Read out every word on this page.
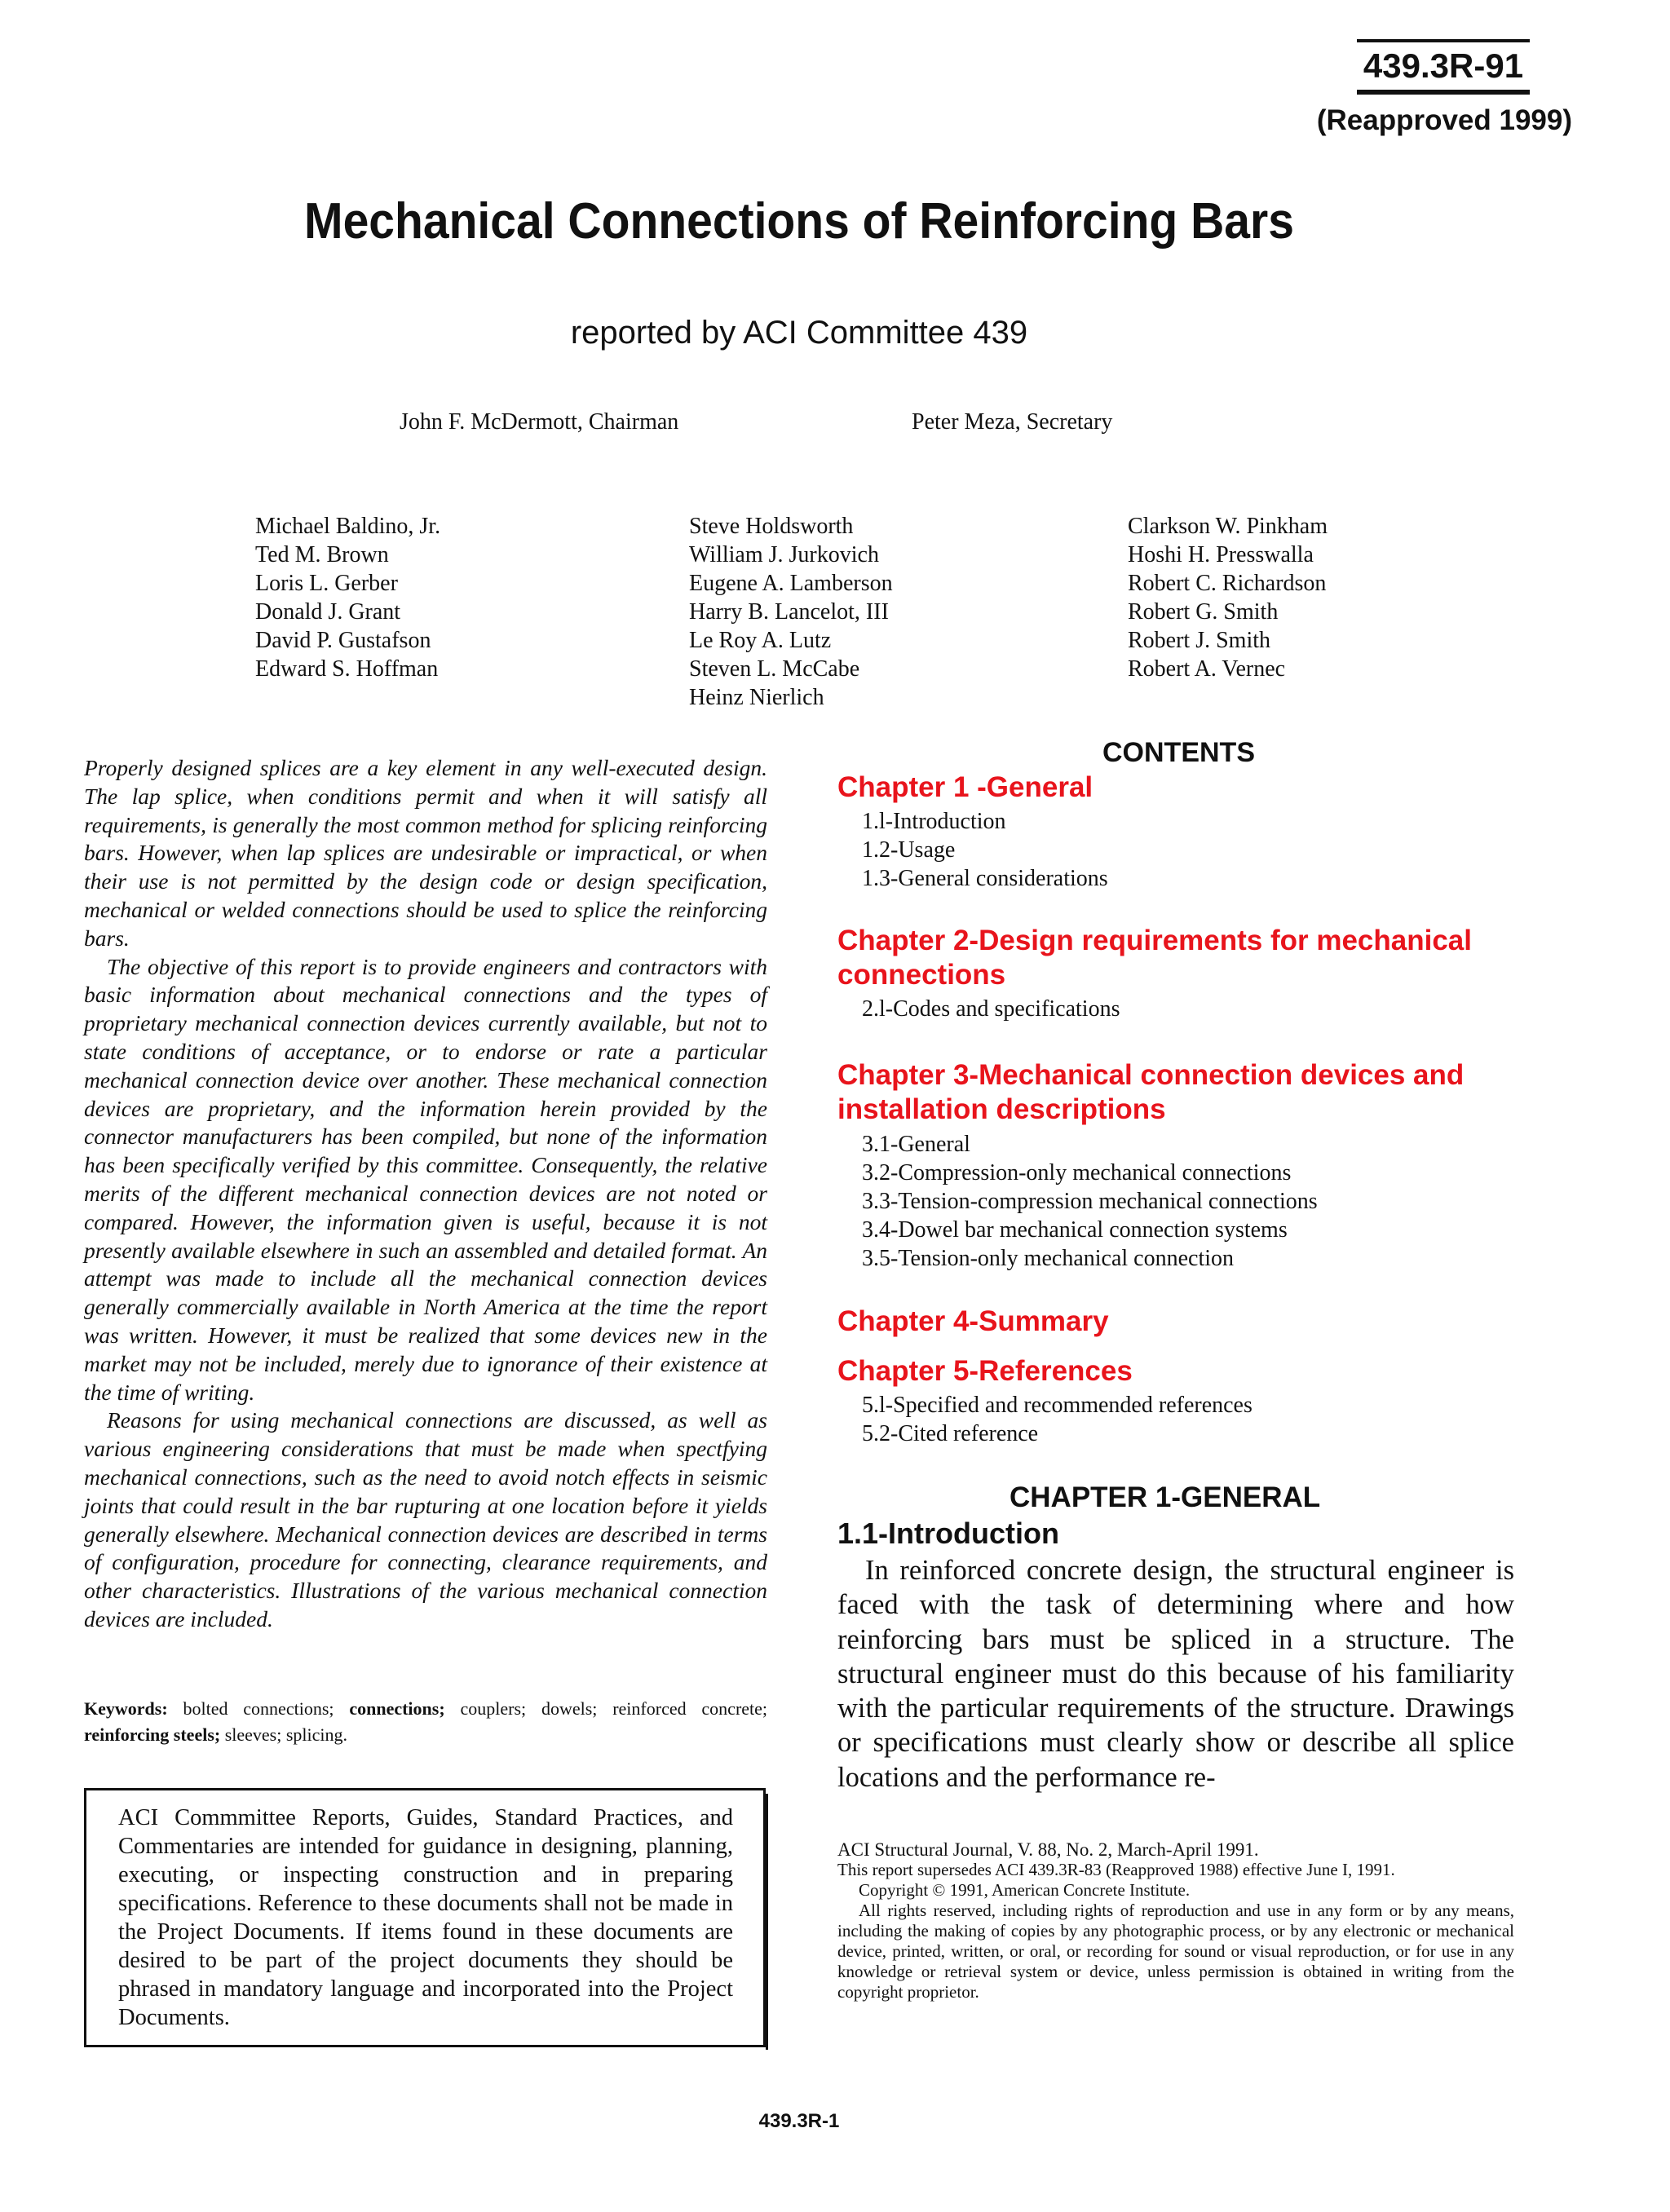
439.3R-91
(Reapproved 1999)
Mechanical Connections of Reinforcing Bars
reported by ACI Committee 439
John F. McDermott, Chairman	Peter Meza, Secretary
Michael Baldino, Jr.
Ted M. Brown
Loris L. Gerber
Donald J. Grant
David P. Gustafson
Edward S. Hoffman
Steve Holdsworth
William J. Jurkovich
Eugene A. Lamberson
Harry B. Lancelot, III
Le Roy A. Lutz
Steven L. McCabe
Heinz Nierlich
Clarkson W. Pinkham
Hoshi H. Presswalla
Robert C. Richardson
Robert G. Smith
Robert J. Smith
Robert A. Vernec

Properly designed splices are a key element in any well-executed design. The lap splice, when conditions permit and when it will satisfy all requirements, is generally the most common method for splicing reinforcing bars. However, when lap splices are undesirable or impractical, or when their use is not permitted by the design code or design specification, mechanical or welded connections should be used to splice the reinforcing bars.

The objective of this report is to provide engineers and contractors with basic information about mechanical connections and the types of proprietary mechanical connection devices currently available, but not to state conditions of acceptance, or to endorse or rate a particular mechanical connection device over another. These mechanical connection devices are proprietary, and the information herein provided by the connector manufacturers has been compiled, but none of the information has been specifically verified by this committee. Consequently, the relative merits of the different mechanical connection devices are not noted or compared. However, the information given is useful, because it is not presently available elsewhere in such an assembled and detailed format. An attempt was made to include all the mechanical connection devices generally commercially available in North America at the time the report was written. However, it must be realized that some devices new in the market may not be included, merely due to ignorance of their existence at the time of writing.

Reasons for using mechanical connections are discussed, as well as various engineering considerations that must be made when spectfying mechanical connections, such as the need to avoid notch effects in seismic joints that could result in the bar rupturing at one location before it yields generally elsewhere. Mechanical connection devices are described in terms of configuration, procedure for connecting, clearance requirements, and other characteristics. Illustrations of the various mechanical connection devices are included.

Keywords: bolted connections; connections; couplers; dowels; reinforced concrete; reinforcing steels; sleeves; splicing.
ACI Commmittee Reports, Guides, Standard Practices, and Commentaries are intended for guidance in designing, planning, executing, or inspecting construction and in preparing specifications. Reference to these documents shall not be made in the Project Documents. If items found in these documents are desired to be part of the project documents they should be phrased in mandatory language and incorporated into the Project Documents.
CONTENTS
Chapter 1 -General
1.l-Introduction
1.2-Usage
1.3-General considerations
Chapter 2-Design requirements for mechanical connections
2.l-Codes and specifications
Chapter 3-Mechanical connection devices and installation descriptions
3.1-General
3.2-Compression-only mechanical connections
3.3-Tension-compression mechanical connections
3.4-Dowel bar mechanical connection systems
3.5-Tension-only mechanical connection
Chapter 4-Summary
Chapter 5-References
5.l-Specified and recommended references
5.2-Cited reference
CHAPTER 1-GENERAL
1.1-Introduction

In reinforced concrete design, the structural engineer is faced with the task of determining where and how reinforcing bars must be spliced in a structure. The structural engineer must do this because of his familiarity with the particular requirements of the structure. Drawings or specifications must clearly show or describe all splice locations and the performance re-

ACI Structural Journal, V. 88, No. 2, March-April 1991.

This report supersedes ACI 439.3R-83 (Reapproved 1988) effective June I, 1991.

Copyright © 1991, American Concrete Institute.

All rights reserved, including rights of reproduction and use in any form or by any means, including the making of copies by any photographic process, or by any electronic or mechanical device, printed, written, or oral, or recording for sound or visual reproduction, or for use in any knowledge or retrieval system or device, unless permission is obtained in writing from the copyright proprietor.

439.3R-1
